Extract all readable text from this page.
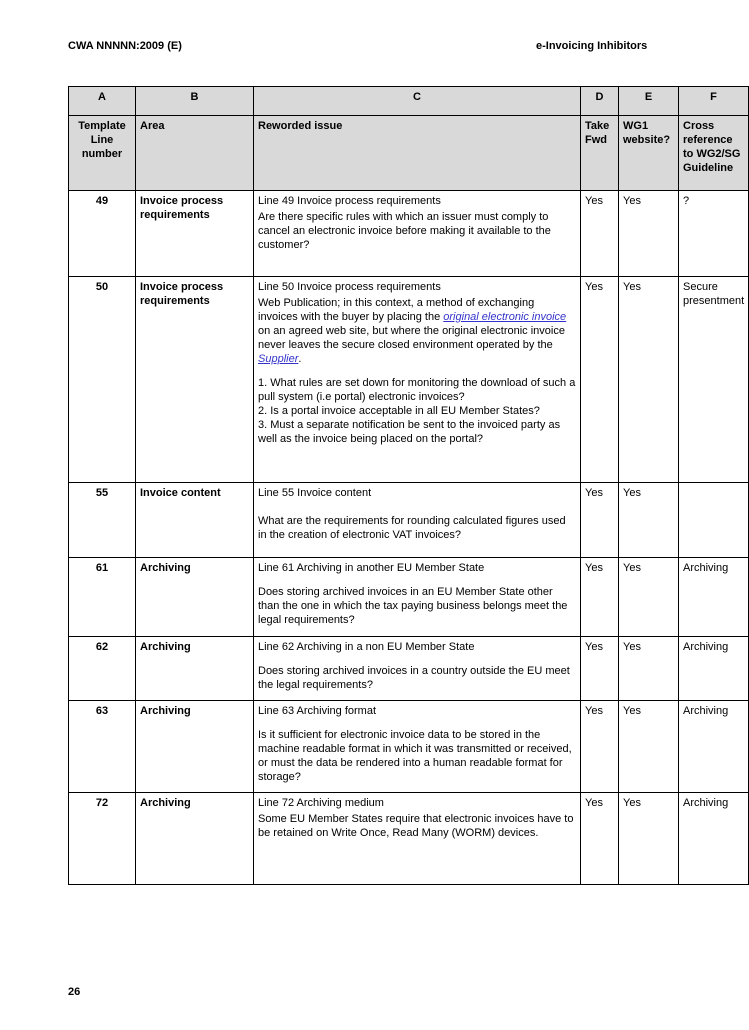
CWA NNNNN:2009 (E)	e-Invoicing Inhibitors
A	B	C	D	E	F
Template Line number	Area	Reworded issue	Take Fwd	WG1 website?	Cross reference to WG2/SG Guideline
49	Invoice process requirements	Line 49 Invoice process requirements
Are there specific rules with which an issuer must comply to cancel an electronic invoice before making it available to the customer?	Yes	Yes	?
50	Invoice process requirements	Line 50 Invoice process requirements

Web Publication; in this context, a method of exchanging invoices with the buyer by placing the original electronic invoice on an agreed web site, but where the original electronic invoice never leaves the secure closed environment operated by the Supplier.

1. What rules are set down for monitoring the download of such a pull system (i.e portal) electronic invoices?
2. Is a portal invoice acceptable in all EU Member States?
3. Must a separate notification be sent to the invoiced party as well as the invoice being placed on the portal?	Yes	Yes	Secure presentment
55	Invoice content	Line 55 Invoice content
What are the requirements for rounding calculated figures used in the creation of electronic VAT invoices?	Yes	Yes	
61	Archiving	Line 61 Archiving in another EU Member State
Does storing archived invoices in an EU Member State other than the one in which the tax paying business belongs meet the legal requirements?	Yes	Yes	Archiving
62	Archiving	Line 62 Archiving in a non EU Member State
Does storing archived invoices in a country outside the EU meet the legal requirements?	Yes	Yes	Archiving
63	Archiving	Line 63 Archiving format
Is it sufficient for electronic invoice data to be stored in the machine readable format in which it was transmitted or received, or must the data be rendered into a human readable format for storage?	Yes	Yes	Archiving
72	Archiving	Line 72 Archiving medium
Some EU Member States require that electronic invoices have to be retained on Write Once, Read Many (WORM) devices.	Yes	Yes	Archiving
26
